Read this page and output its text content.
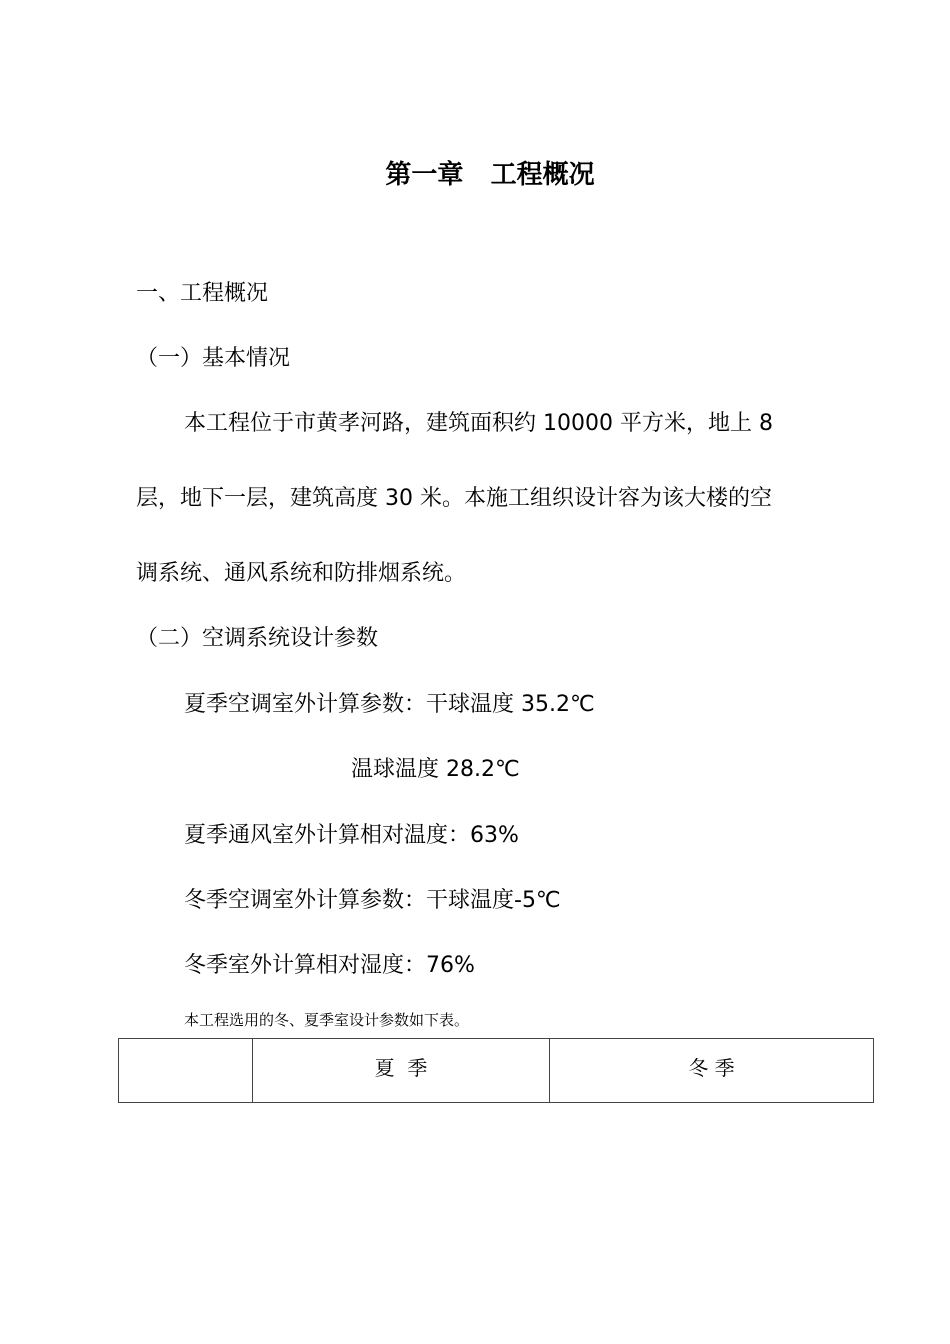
第一章   工程概况
一、工程概况
（一）基本情况
本工程位于市黄孝河路，建筑面积约 10000 平方米，地上 8
层，地下一层，建筑高度 30 米。本施工组织设计容为该大楼的空
调系统、通风系统和防排烟系统。
（二）空调系统设计参数
夏季空调室外计算参数：干球温度 35.2℃
温球温度 28.2℃
夏季通风室外计算相对温度：63%
冬季空调室外计算参数：干球温度-5℃
冬季室外计算相对湿度：76%
本工程选用的冬、夏季室设计参数如下表。
	夏  季	冬 季
